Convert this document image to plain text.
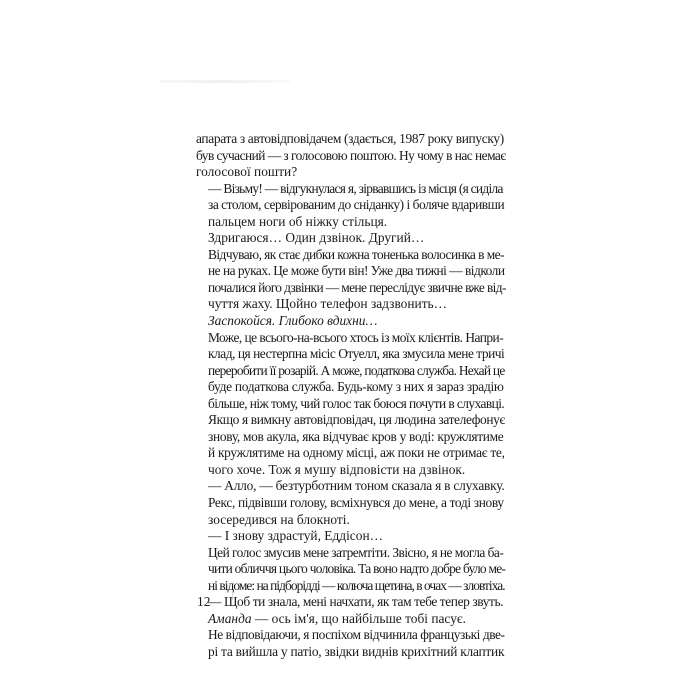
апарата з автовідповідачем (здається, 1987 року випуску)
був сучасний — з голосовою поштою. Ну чому в нас немає
голосової пошти?
— Візьму! — відгукнулася я, зірвавшись із місця (я сиділа
за столом, сервірованим до сніданку) і боляче вдаривши
пальцем ноги об ніжку стільця.
Здригаюся… Один дзвінок. Другий…
Відчуваю, як стає дибки кожна тоненька волосинка в ме-
не на руках. Це може бути він! Уже два тижні — відколи
почалися його дзвінки — мене переслідує звичне вже від-
чуття жаху. Щойно телефон задзвонить…
Заспокойся. Глибоко вдихни…
Може, це всього-на-всього хтось із моїх клієнтів. Напри-
клад, ця нестерпна місіс Отуелл, яка змусила мене тричі
переробити її розарій. А може, податкова служба. Нехай це
буде податкова служба. Будь-кому з них я зараз зрадію
більше, ніж тому, чий голос так боюся почути в слухавці.
Якщо я вимкну автовідповідач, ця людина зателефонує
знову, мов акула, яка відчуває кров у воді: кружлятиме
й кружлятиме на одному місці, аж поки не отримає те,
чого хоче. Тож я мушу відповісти на дзвінок.
— Алло, — безтурботним тоном сказала я в слухавку.
Рекс, підвівши голову, всміхнувся до мене, а тоді знову
зосередився на блокноті.
— І знову здрастуй, Еддісон…
Цей голос змусив мене затремтіти. Звісно, я не могла ба-
чити обличчя цього чоловіка. Та воно надто добре було ме-
ні відоме: на підборідді — колюча щетина, в очах — зловтіха.
— Щоб ти знала, мені начхати, як там тебе тепер звуть.
Аманда — ось ім'я, що найбільше тобі пасує.
Не відповідаючи, я поспіхом відчинила французькі две-
рі та вийшла у патіо, звідки виднів крихітний клаптик
12
